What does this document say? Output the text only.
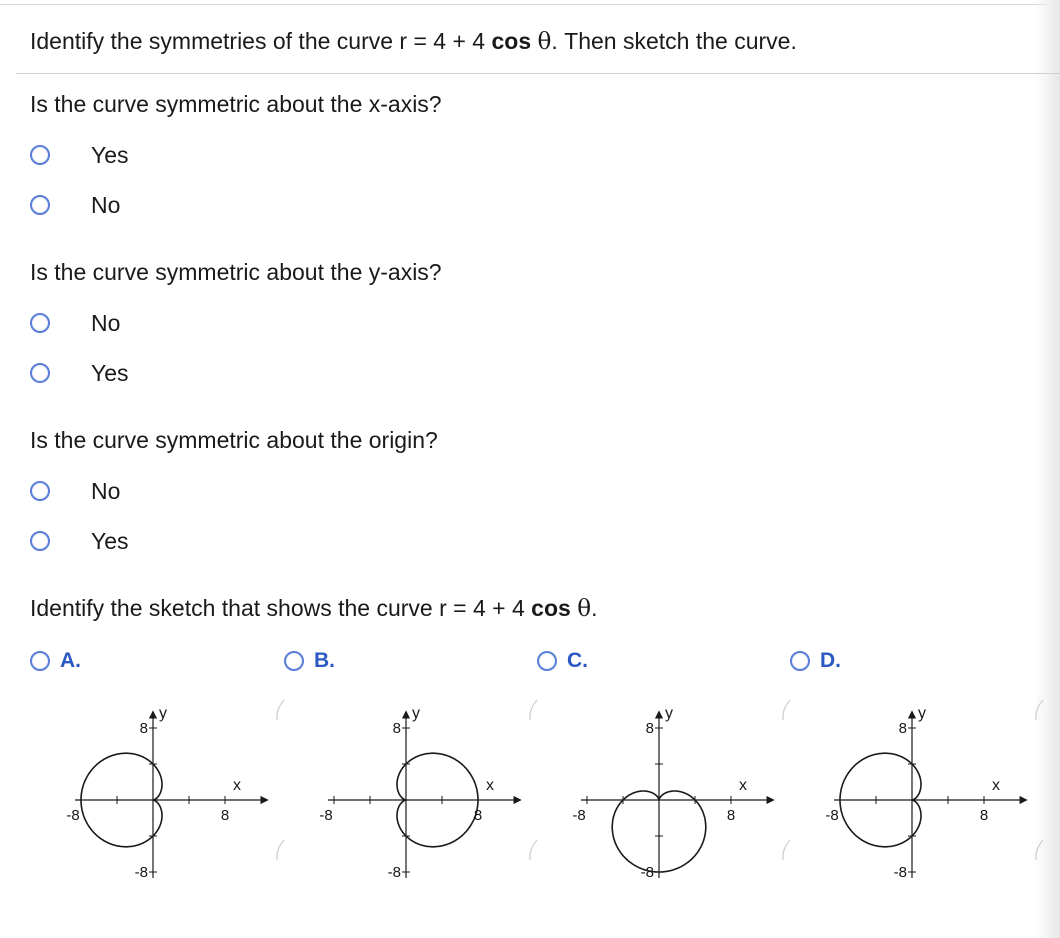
Identify the symmetries of the curve r = 4 + 4 cos θ. Then sketch the curve.
Is the curve symmetric about the x-axis?
Yes
No
Is the curve symmetric about the y-axis?
No
Yes
Is the curve symmetric about the origin?
No
Yes
Identify the sketch that shows the curve r = 4 + 4 cos θ.
A.	B.	C.	D.
y
x
-8	8
8
-8
y
x
-8	8
8
-8
y
x
-8	8
8
-8
y
x
-8	8
8
-8
